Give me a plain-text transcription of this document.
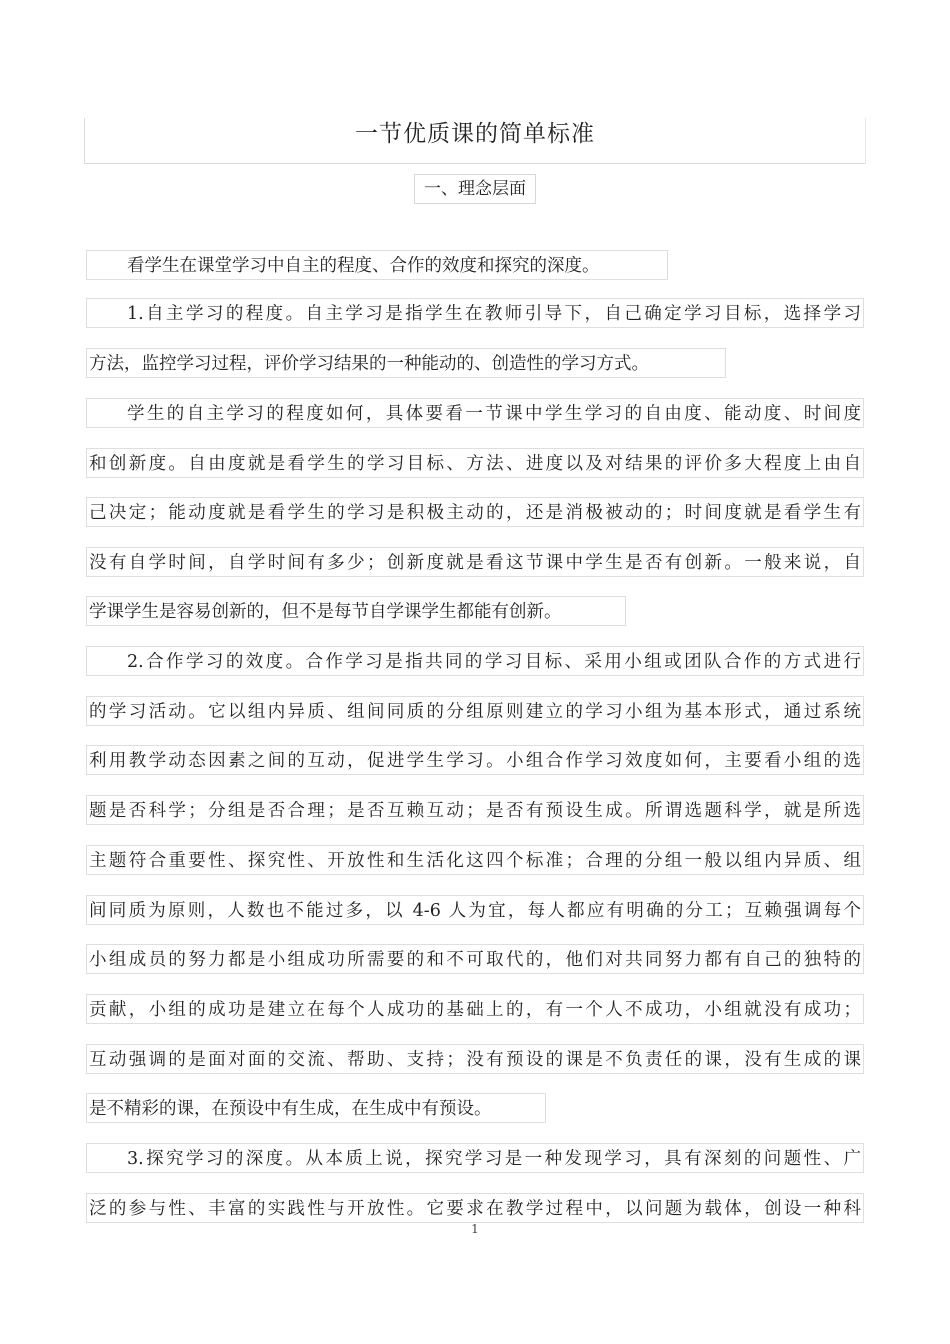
一节优质课的简单标准
一、理念层面
看学生在课堂学习中自主的程度、合作的效度和探究的深度。
1.自主学习的程度。自主学习是指学生在教师引导下，自己确定学习目标，选择学习
方法，监控学习过程，评价学习结果的一种能动的、创造性的学习方式。
学生的自主学习的程度如何，具体要看一节课中学生学习的自由度、能动度、时间度
和创新度。自由度就是看学生的学习目标、方法、进度以及对结果的评价多大程度上由自
己决定；能动度就是看学生的学习是积极主动的，还是消极被动的；时间度就是看学生有
没有自学时间，自学时间有多少；创新度就是看这节课中学生是否有创新。一般来说，自
学课学生是容易创新的，但不是每节自学课学生都能有创新。
2.合作学习的效度。合作学习是指共同的学习目标、采用小组或团队合作的方式进行
的学习活动。它以组内异质、组间同质的分组原则建立的学习小组为基本形式，通过系统
利用教学动态因素之间的互动，促进学生学习。小组合作学习效度如何，主要看小组的选
题是否科学；分组是否合理；是否互赖互动；是否有预设生成。所谓选题科学，就是所选
主题符合重要性、探究性、开放性和生活化这四个标准；合理的分组一般以组内异质、组
间同质为原则，人数也不能过多，以 4-6 人为宜，每人都应有明确的分工；互赖强调每个
小组成员的努力都是小组成功所需要的和不可取代的，他们对共同努力都有自己的独特的
贡献，小组的成功是建立在每个人成功的基础上的，有一个人不成功，小组就没有成功；
互动强调的是面对面的交流、帮助、支持；没有预设的课是不负责任的课，没有生成的课
是不精彩的课，在预设中有生成，在生成中有预设。
3.探究学习的深度。从本质上说，探究学习是一种发现学习，具有深刻的问题性、广
泛的参与性、丰富的实践性与开放性。它要求在教学过程中，以问题为载体，创设一种科
1
